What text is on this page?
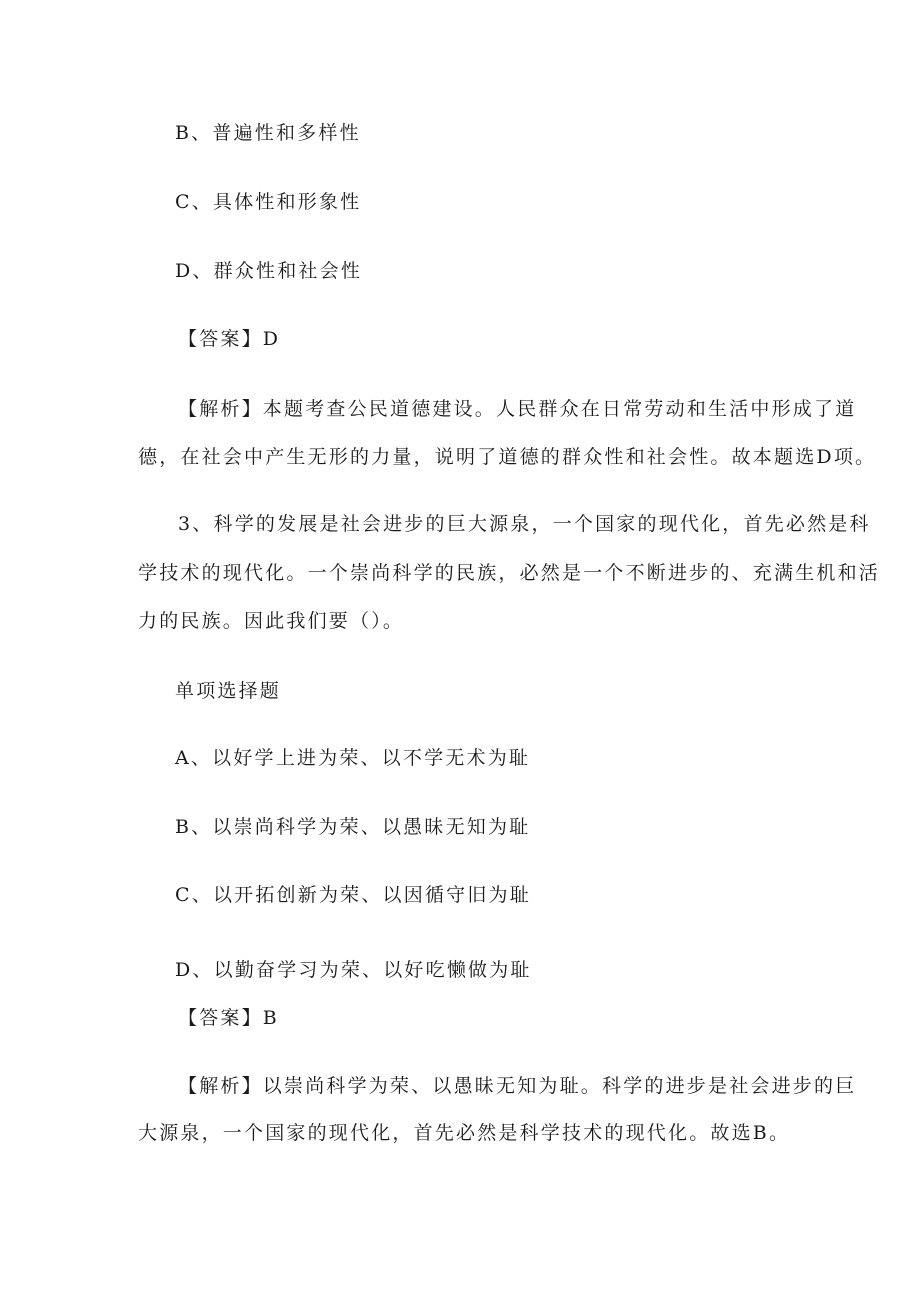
B、普遍性和多样性
C、具体性和形象性
D、群众性和社会性
【答案】D
【解析】本题考查公民道德建设。人民群众在日常劳动和生活中形成了道
德，在社会中产生无形的力量，说明了道德的群众性和社会性。故本题选D项。
3、科学的发展是社会进步的巨大源泉，一个国家的现代化，首先必然是科
学技术的现代化。一个崇尚科学的民族，必然是一个不断进步的、充满生机和活
力的民族。因此我们要（）。
单项选择题
A、以好学上进为荣、以不学无术为耻
B、以崇尚科学为荣、以愚昧无知为耻
C、以开拓创新为荣、以因循守旧为耻
D、以勤奋学习为荣、以好吃懒做为耻
【答案】B
【解析】以崇尚科学为荣、以愚昧无知为耻。科学的进步是社会进步的巨
大源泉，一个国家的现代化，首先必然是科学技术的现代化。故选B。
